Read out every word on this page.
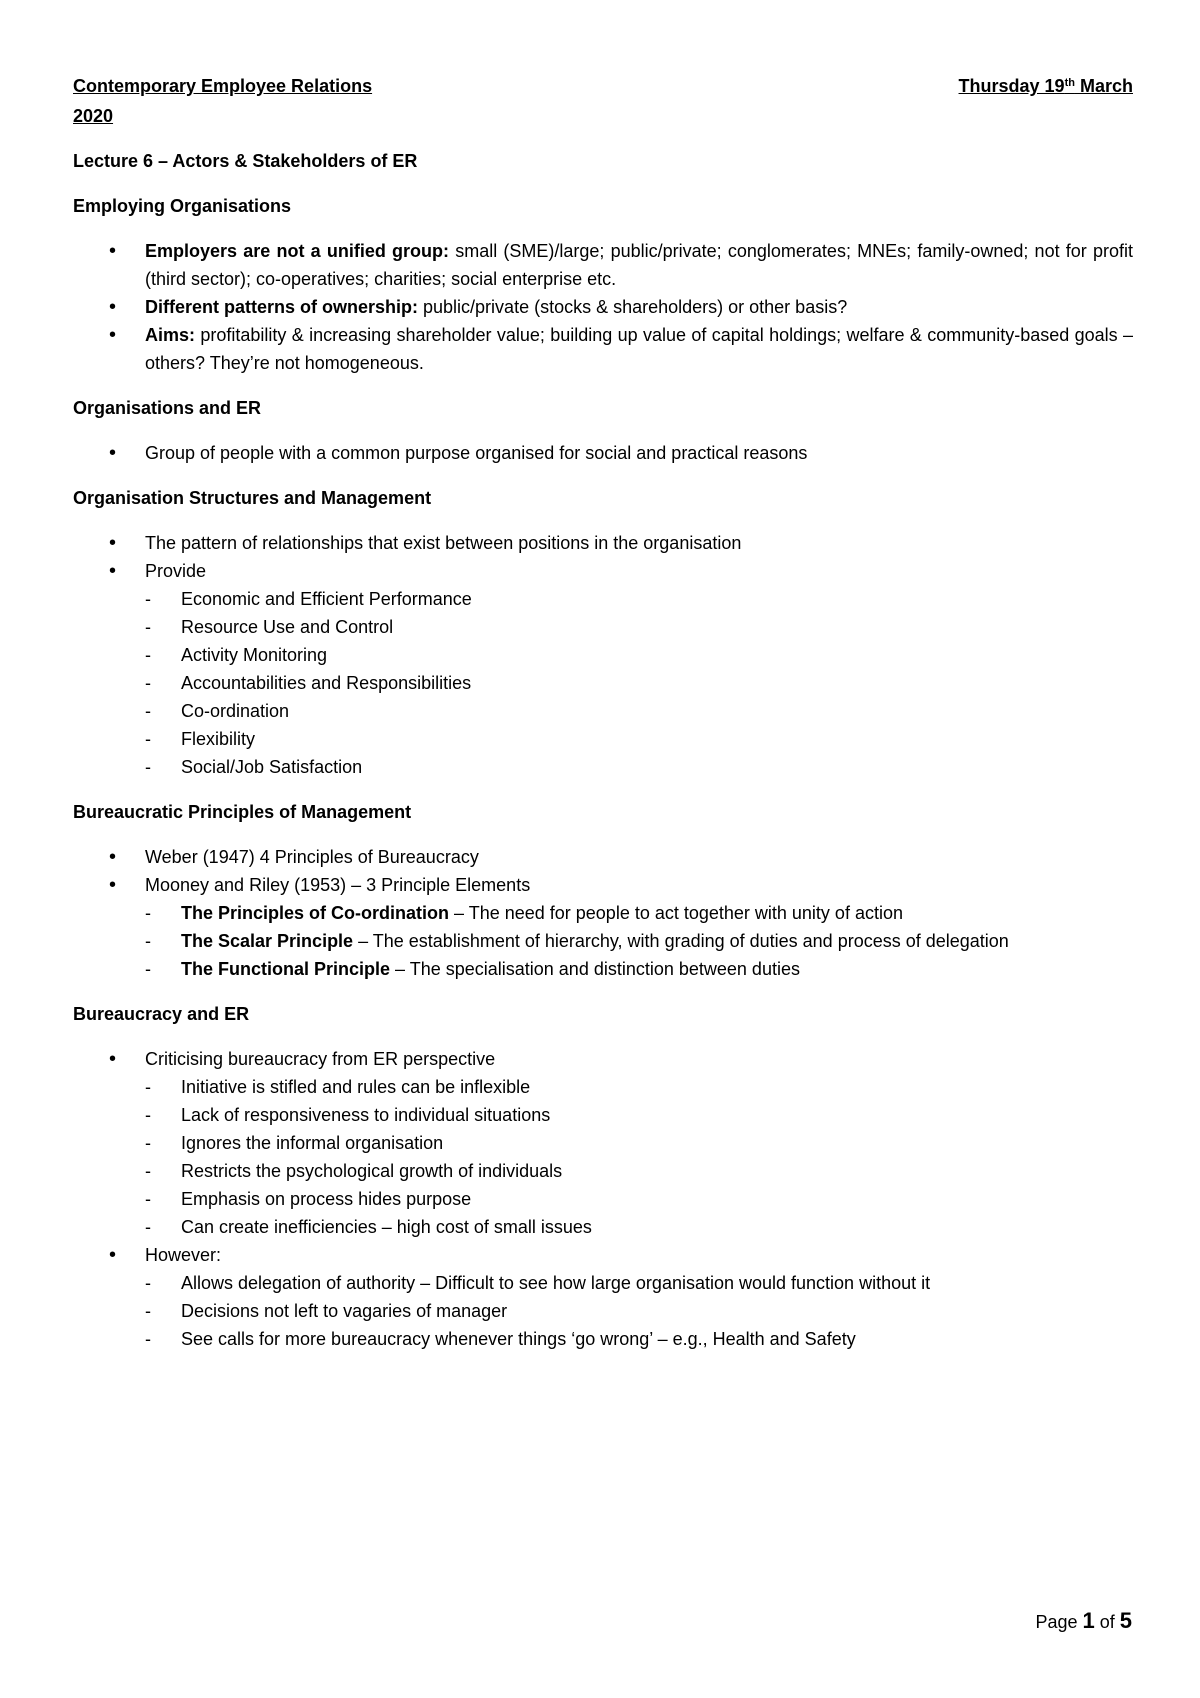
Contemporary Employee Relations	Thursday 19th March
2020
Lecture 6 – Actors & Stakeholders of ER
Employing Organisations
• Employers are not a unified group: small (SME)/large; public/private; conglomerates; MNEs; family-owned; not for profit (third sector); co-operatives; charities; social enterprise etc.
• Different patterns of ownership: public/private (stocks & shareholders) or other basis?
• Aims: profitability & increasing shareholder value; building up value of capital holdings; welfare & community-based goals – others? They’re not homogeneous.
Organisations and ER
• Group of people with a common purpose organised for social and practical reasons
Organisation Structures and Management
• The pattern of relationships that exist between positions in the organisation
• Provide
- Economic and Efficient Performance
- Resource Use and Control
- Activity Monitoring
- Accountabilities and Responsibilities
- Co-ordination
- Flexibility
- Social/Job Satisfaction
Bureaucratic Principles of Management
• Weber (1947) 4 Principles of Bureaucracy
• Mooney and Riley (1953) – 3 Principle Elements
- The Principles of Co-ordination – The need for people to act together with unity of action
- The Scalar Principle – The establishment of hierarchy, with grading of duties and process of delegation
- The Functional Principle – The specialisation and distinction between duties
Bureaucracy and ER
• Criticising bureaucracy from ER perspective
- Initiative is stifled and rules can be inflexible
- Lack of responsiveness to individual situations
- Ignores the informal organisation
- Restricts the psychological growth of individuals
- Emphasis on process hides purpose
- Can create inefficiencies – high cost of small issues
• However:
- Allows delegation of authority – Difficult to see how large organisation would function without it
- Decisions not left to vagaries of manager
- See calls for more bureaucracy whenever things ‘go wrong’ – e.g., Health and Safety
Page 1 of 5
